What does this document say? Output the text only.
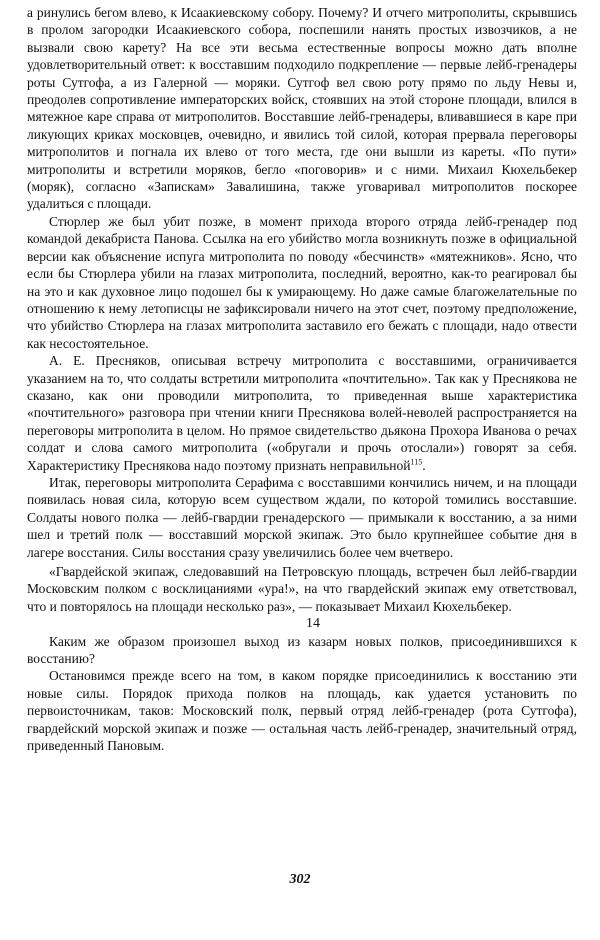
а ринулись бегом влево, к Исаакиевскому собору. Почему? И отчего митрополиты, скрывшись в пролом загородки Исаакиевского собора, поспешили нанять простых извозчиков, а не вызвали свою карету? На все эти весьма естественные вопросы можно дать вполне удовлетворительный ответ: к восставшим подходило подкрепление — первые лейб-гренадеры роты Сутгофа, а из Галерной — моряки. Сутгоф вел свою роту прямо по льду Невы и, преодолев сопротивление императорских войск, стоявших на этой стороне площади, влился в мятежное каре справа от митрополитов. Восставшие лейб-гренадеры, вливавшиеся в каре при ликующих криках московцев, очевидно, и явились той силой, которая прервала переговоры митрополитов и погнала их влево от того места, где они вышли из кареты. «По пути» митрополиты и встретили моряков, бегло «поговорив» и с ними. Михаил Кюхельбекер (моряк), согласно «Запискам» Завалишина, также уговаривал митрополитов поскорее удалиться с площади.

Стюрлер же был убит позже, в момент прихода второго отряда лейб-гренадер под командой декабриста Панова. Ссылка на его убийство могла возникнуть позже в официальной версии как объяснение испуга митрополита по поводу «бесчинств» «мятежников». Ясно, что если бы Стюрлера убили на глазах митрополита, последний, вероятно, как-то реагировал бы на это и как духовное лицо подошел бы к умирающему. Но даже самые благожелательные по отношению к нему летописцы не зафиксировали ничего на этот счет, поэтому предположение, что убийство Стюрлера на глазах митрополита заставило его бежать с площади, надо отвести как несостоятельное.

А. Е. Пресняков, описывая встречу митрополита с восставшими, ограничивается указанием на то, что солдаты встретили митрополита «почтительно». Так как у Преснякова не сказано, как они проводили митрополита, то приведенная выше характеристика «почтительного» разговора при чтении книги Преснякова волей-неволей распространяется на переговоры митрополита в целом. Но прямое свидетельство дьякона Прохора Иванова о речах солдат и слова самого митрополита («обругали и прочь отослали») говорят за себя. Характеристику Преснякова надо поэтому признать неправильной$^{115}$.

Итак, переговоры митрополита Серафима с восставшими кончились ничем, и на площади появилась новая сила, которую всем существом ждали, по которой томились восставшие. Солдаты нового полка — лейб-гвардии гренадерского — примыкали к восстанию, а за ними шел и третий полк — восставший морской экипаж. Это было крупнейшее событие дня в лагере восстания. Силы восстания сразу увеличились более чем вчетверо.

«Гвардейской экипаж, следовавший на Петровскую площадь, встречен был лейб-гвардии Московским полком с восклицаниями «ура!», на что гвардейский экипаж ему ответствовал, что и повторялось на площади несколько раз», — показывает Михаил Кюхельбекер.

14

Каким же образом произошел выход из казарм новых полков, присоединившихся к восстанию?

Остановимся прежде всего на том, в каком порядке присоединились к восстанию эти новые силы. Порядок прихода полков на площадь, как удается установить по первоисточникам, таков: Московский полк, первый отряд лейб-гренадер (рота Сутгофа), гвардейский морской экипаж и позже — остальная часть лейб-гренадер, значительный отряд, приведенный Пановым.

302
